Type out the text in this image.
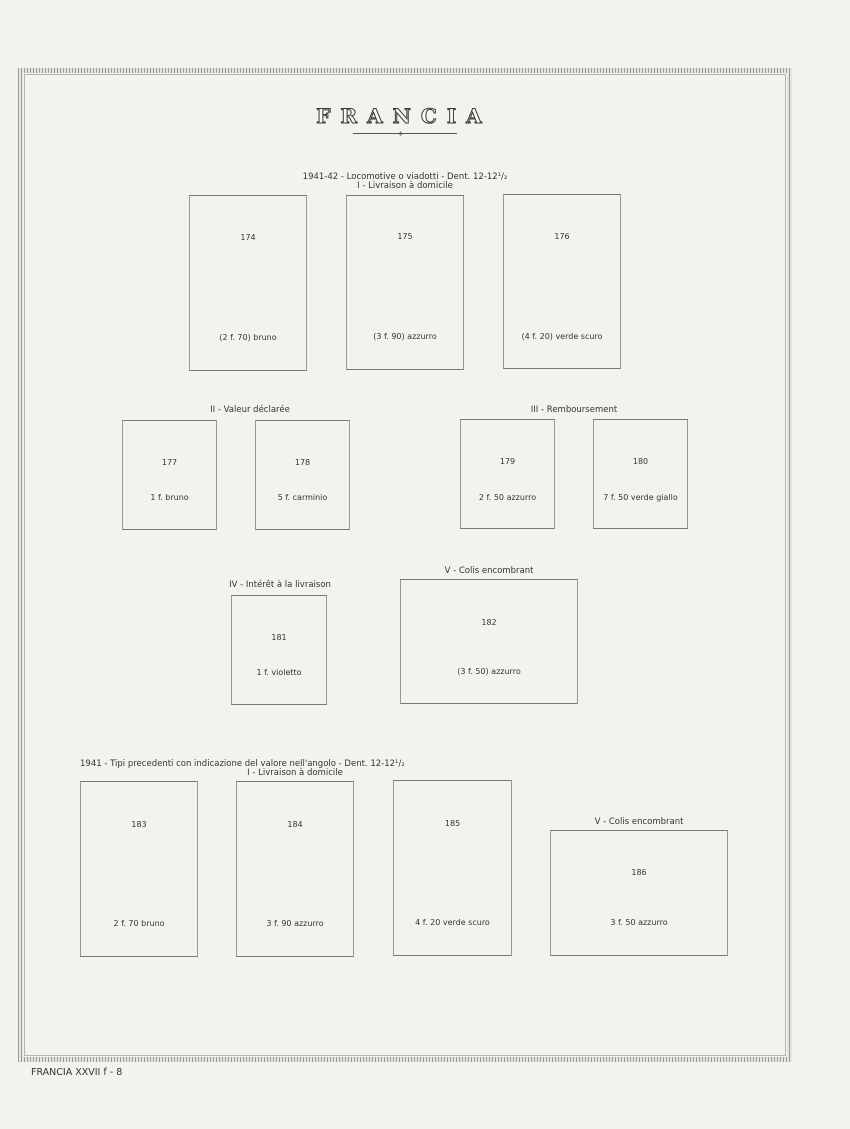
FRANCIA
⟡
1941-42 - Locomotive o viadotti - Dent. 12-12¹/₂
I - Livraison à domicile
174
(2 f. 70) bruno
175
(3 f. 90) azzurro
176
(4 f. 20) verde scuro
II - Valeur déclarée	III - Remboursement
177
1 f. bruno
178
5 f. carminio
179
2 f. 50 azzurro
180
7 f. 50 verde giallo
IV - Intérêt à la livraison
V - Colis encombrant
181
1 f. violetto
182
(3 f. 50) azzurro
1941 - Tipi precedenti con indicazione del valore nell'angolo - Dent. 12-12¹/₂
I - Livraison à domicile
V - Colis encombrant
183
2 f. 70 bruno
184
3 f. 90 azzurro
185
4 f. 20 verde scuro
186
3 f. 50 azzurro
FRANCIA XXVII f - 8
